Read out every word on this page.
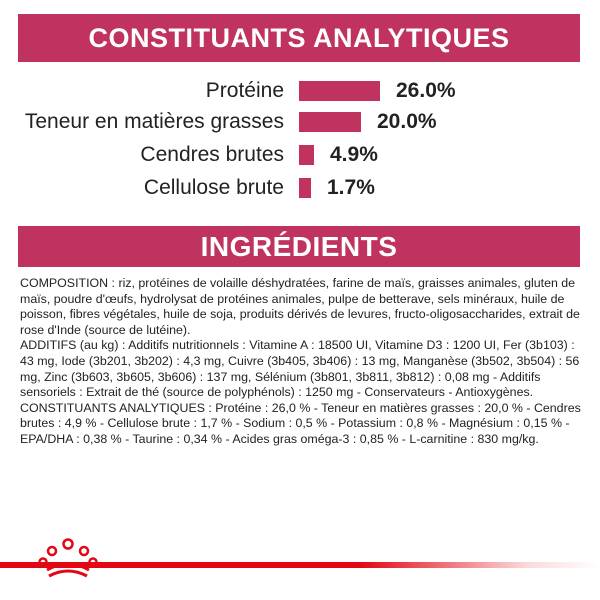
CONSTITUANTS ANALYTIQUES
Protéine	26.0%
Teneur en matières grasses	20.0%
Cendres brutes 4.9%
Cellulose brute 1.7%
INGRÉDIENTS

COMPOSITION : riz, protéines de volaille déshydratées, farine de maïs, graisses animales, gluten de maïs, poudre d'œufs, hydrolysat de protéines animales, pulpe de betterave, sels minéraux, huile de poisson, fibres végétales, huile de soja, produits dérivés de levures, fructo-oligosaccharides, extrait de rose d'Inde (source de lutéine).

ADDITIFS (au kg) : Additifs nutritionnels : Vitamine A : 18500 UI, Vitamine D3 : 1200 UI, Fer (3b103) : 43 mg, Iode (3b201, 3b202) : 4,3 mg, Cuivre (3b405, 3b406) : 13 mg, Manganèse (3b502, 3b504) : 56 mg, Zinc (3b603, 3b605, 3b606) : 137 mg, Sélénium (3b801, 3b811, 3b812) : 0,08 mg - Additifs sensoriels : Extrait de thé (source de polyphénols) : 1250 mg - Conservateurs - Antioxygènes.

CONSTITUANTS ANALYTIQUES : Protéine : 26,0 % - Teneur en matières grasses : 20,0 % - Cendres brutes : 4,9 % - Cellulose brute : 1,7 % - Sodium : 0,5 % - Potassium : 0,8 % - Magnésium : 0,15 % - EPA/DHA : 0,38 % - Taurine : 0,34 % - Acides gras oméga-3 : 0,85 % - L-carnitine : 830 mg/kg.
